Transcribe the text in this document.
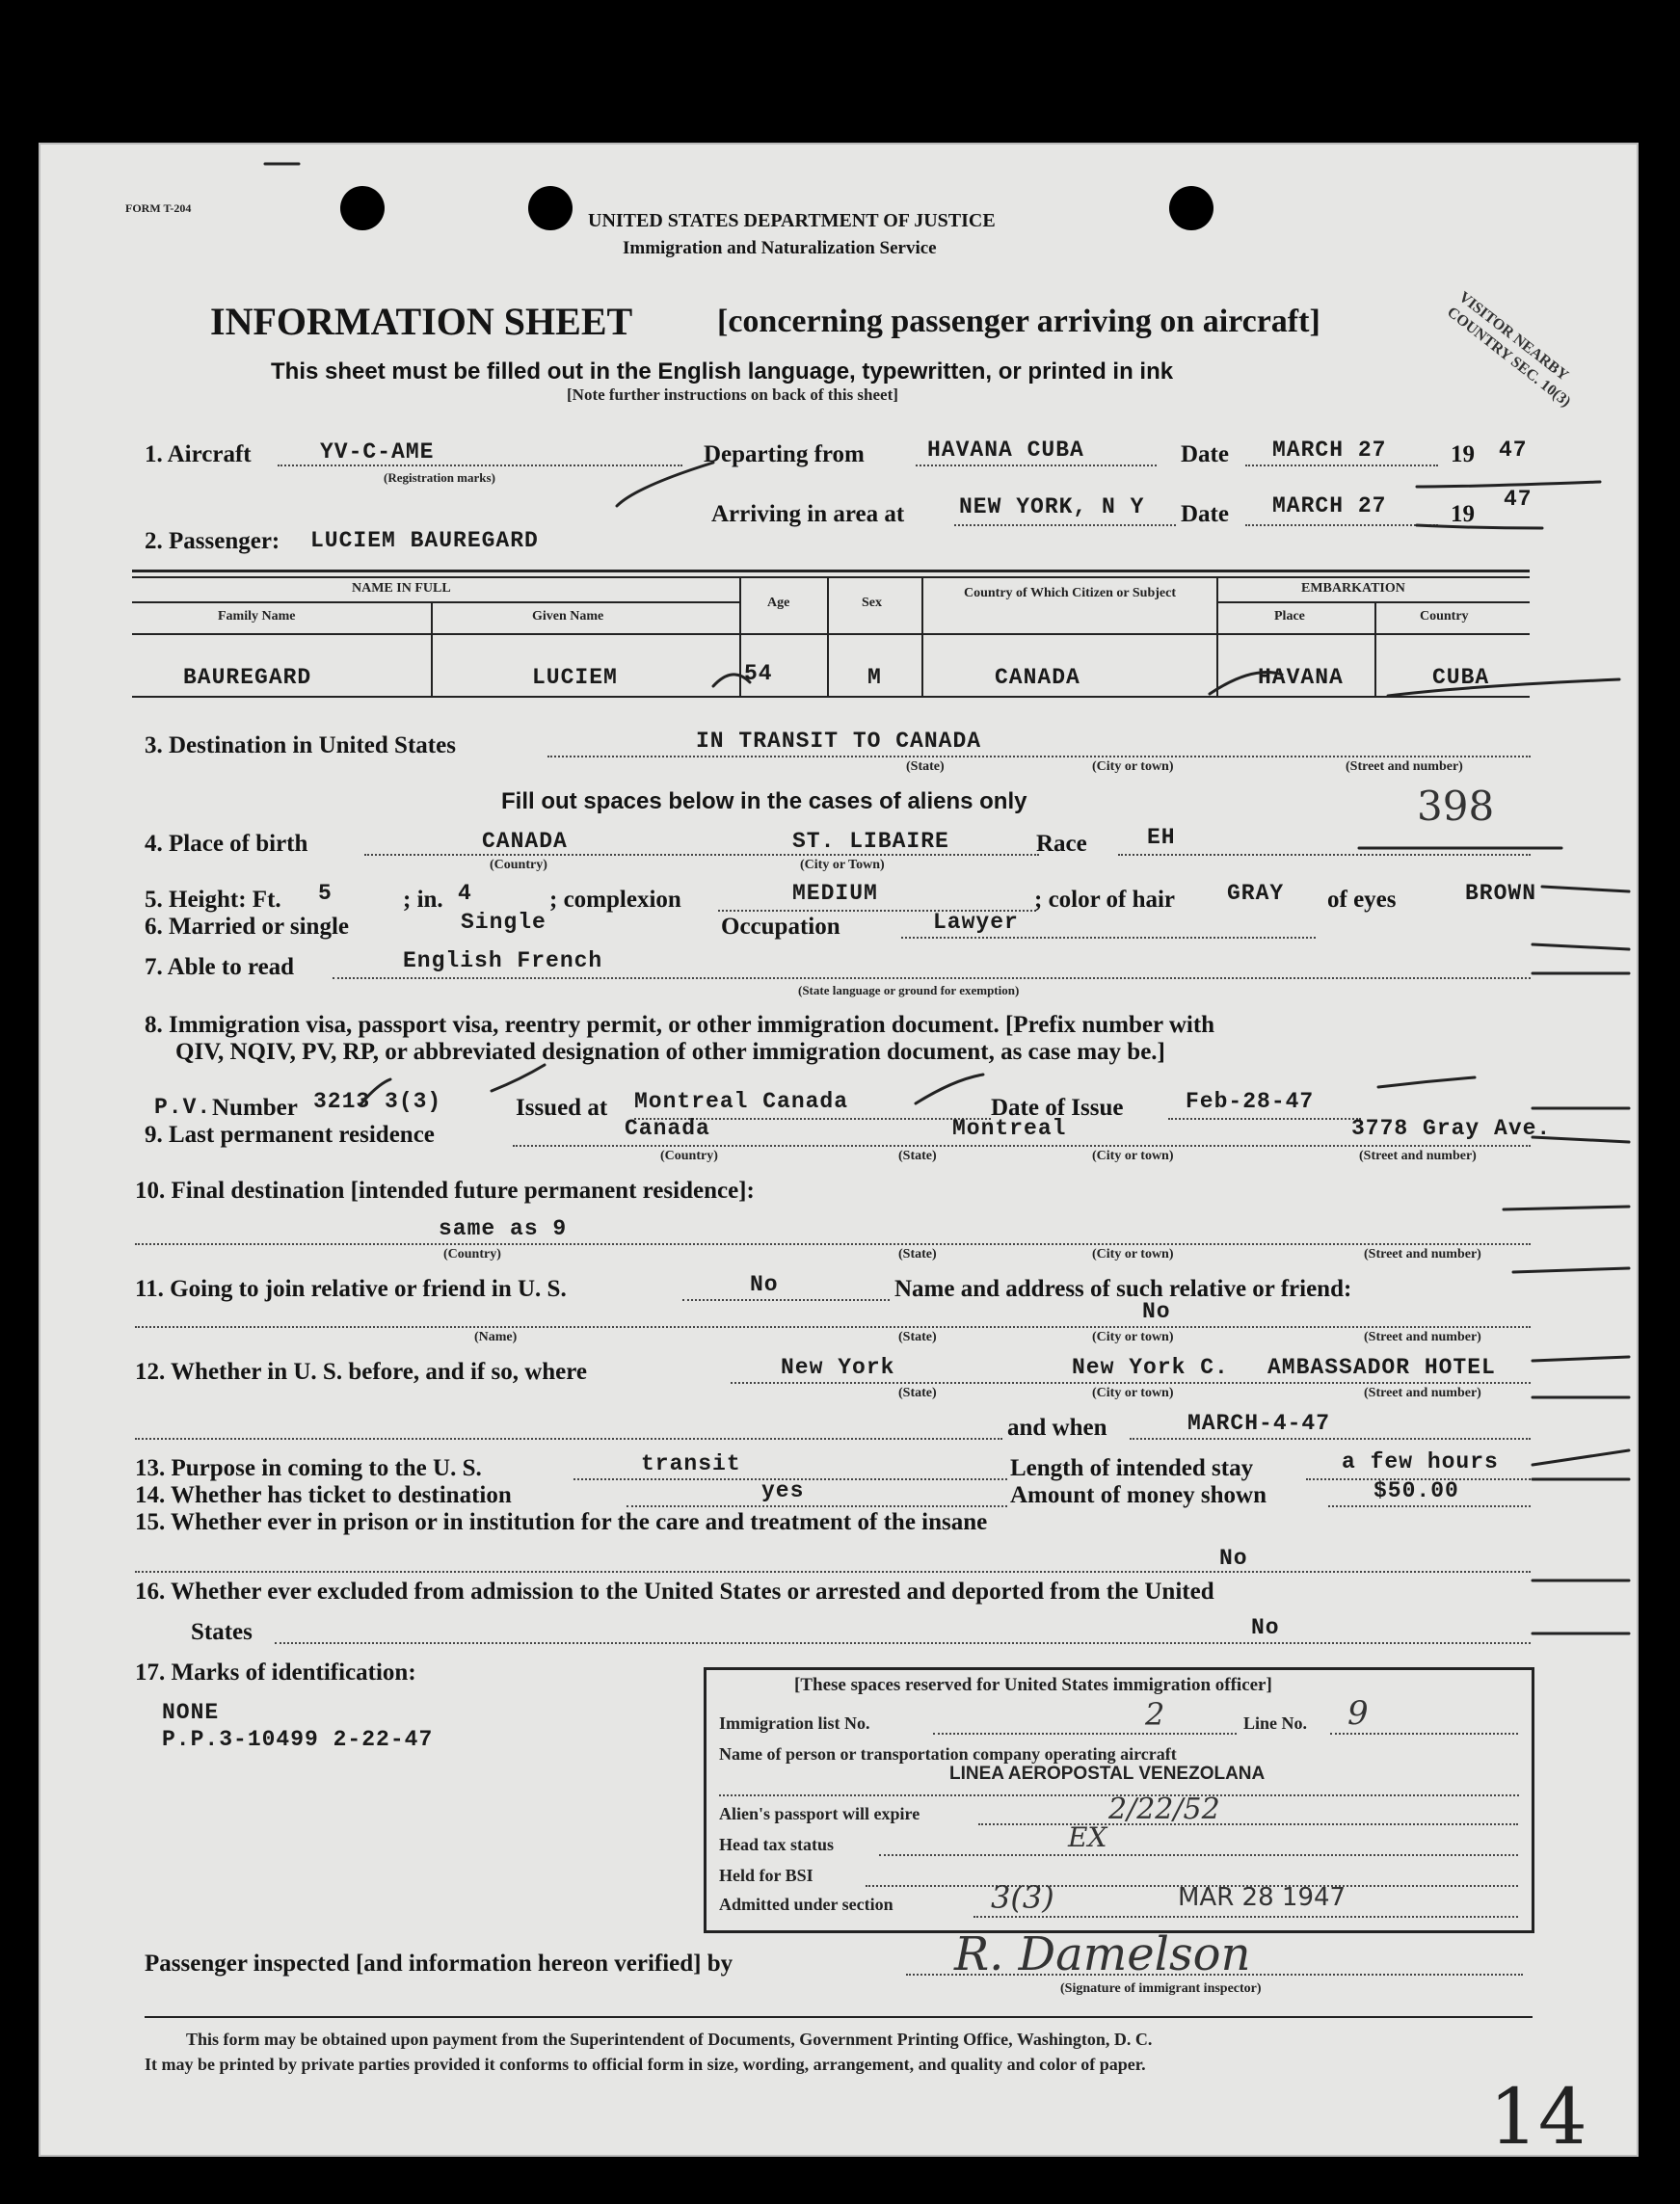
FORM T-204
UNITED STATES DEPARTMENT OF JUSTICE
Immigration and Naturalization Service
INFORMATION SHEET	[concerning passenger arriving on aircraft]
This sheet must be filled out in the English language, typewritten, or printed in ink
[Note further instructions on back of this sheet]
VISITOR NEARBY COUNTRY SEC. 10(3)
1. Aircraft	YV-C-AME
(Registration marks)
Departing from	HAVANA CUBA	Date MARCH 27	19 47
Arriving in area at NEW YORK, N Y Date MARCH 27	19
47
2. Passenger: LUCIEM BAUREGARD
NAME IN FULL
Family Name	Given Name
Age	Sex
Country of Which Citizen or Subject	EMBARKATION
Place	Country
BAUREGARD	LUCIEM	54	M	CANADA	HAVANA	CUBA
3. Destination in United States	IN TRANSIT TO CANADA
(State)	(City or town)	(Street and number)
Fill out spaces below in the cases of aliens only	398
4. Place of birth	CANADA
(Country)
ST. LIBAIRE
(City or Town)
Race	EH
5. Height: Ft. 5	; in. 4	; complexion	MEDIUM	; color of hair GRAY of eyes	BROWN
6. Married or single	Single	Occupation	Lawyer
7. Able to read	English French
(State language or ground for exemption)
8. Immigration visa, passport visa, reentry permit, or other immigration document. [Prefix number with
QIV, NQIV, PV, RP, or abbreviated designation of other immigration document, as case may be.]
P.V. Number 3213 3(3)	Issued at Montreal Canada	Date of Issue	Feb-28-47
9. Last permanent residence	Canada	Montreal	3778 Gray Ave.
(Country)	(State)	(City or town)	(Street and number)
10. Final destination [intended future permanent residence]:
same as 9
(Country)	(State)	(City or town)	(Street and number)
11. Going to join relative or friend in U. S.	No	Name and address of such relative or friend:
No
(Name)	(State)	(City or town)	(Street and number)
12. Whether in U. S. before, and if so, where	New York	New York C. AMBASSADOR HOTEL
(State)	(City or town)	(Street and number)
and when	MARCH-4-47
13. Purpose in coming to the U. S.	transit	Length of intended stay	a few hours
14. Whether has ticket to destination	yes	Amount of money shown	$50.00
15. Whether ever in prison or in institution for the care and treatment of the insane
No
16. Whether ever excluded from admission to the United States or arrested and deported from the United
States	No
17. Marks of identification:
NONE
P.P.3-10499 2-22-47
[These spaces reserved for United States immigration officer]
Immigration list No.	2	Line No. 9
Name of person or transportation company operating aircraft
LINEA AEROPOSTAL VENEZOLANA
Alien's passport will expire	2/22/52
Head tax status	EX
Held for BSI
Admitted under section	3(3)	MAR 28 1947
Passenger inspected [and information hereon verified] by	R. Damelson
(Signature of immigrant inspector)
This form may be obtained upon payment from the Superintendent of Documents, Government Printing Office, Washington, D. C.
It may be printed by private parties provided it conforms to official form in size, wording, arrangement, and quality and color of paper.
14
